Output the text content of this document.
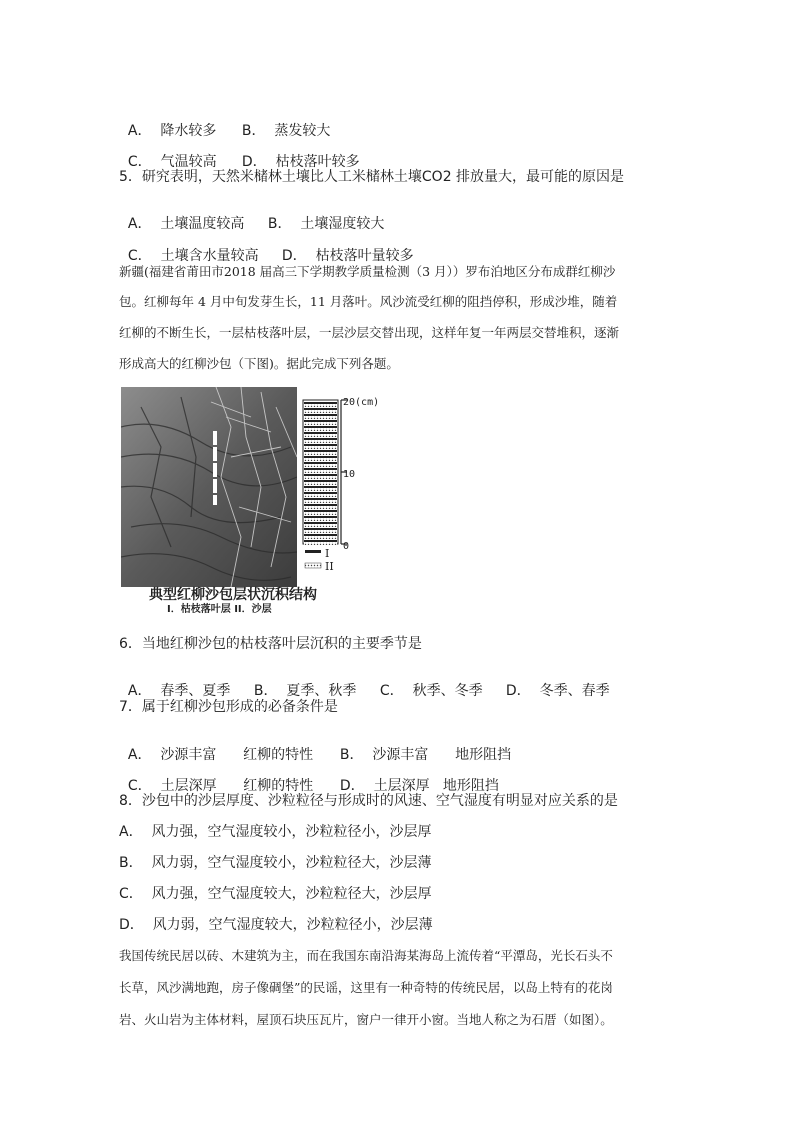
A．  降水较多 B．  蒸发较大

C．  气温较高 D．  枯枝落叶较多

5．研究表明，天然米槠林土壤比人工米槠林土壤CO2 排放量大，最可能的原因是

A．  土壤温度较高 B．  土壤湿度较大

C．  土壤含水量较高 D．  枯枝落叶量较多

新疆(福建省莆田市2018 届高三下学期教学质量检测（3 月））罗布泊地区分布成群红柳沙
包。红柳每年 4 月中旬发芽生长，11 月落叶。风沙流受红柳的阻挡停积，形成沙堆，随着
红柳的不断生长，一层枯枝落叶层，一层沙层交替出现，这样年复一年两层交替堆积，逐渐
形成高大的红柳沙包（下图)。据此完成下列各题。
20(cm)
10
0
I
II
典型红柳沙包层状沉积结构
I．枯枝落叶层 II．沙层
6．当地红柳沙包的枯枝落叶层沉积的主要季节是

A．  春季、夏季 B．  夏季、秋季 C．  秋季、冬季 D．  冬季、春季

7．属于红柳沙包形成的必备条件是

A．  沙源丰富      红柳的特性 B．  沙源丰富      地形阻挡

C．  土层深厚      红柳的特性 D．  土层深厚   地形阻挡

8．沙包中的沙层厚度、沙粒粒径与形成时的风速、空气湿度有明显对应关系的是
A．  风力强，空气湿度较小，沙粒粒径小，沙层厚
B．  风力弱，空气湿度较小，沙粒粒径大，沙层薄
C．  风力强，空气湿度较大，沙粒粒径大，沙层厚
D．  风力弱，空气湿度较大，沙粒粒径小，沙层薄
我国传统民居以砖、木建筑为主，而在我国东南沿海某海岛上流传着“平潭岛，光长石头不
长草，风沙满地跑，房子像碉堡”的民谣，这里有一种奇特的传统民居，以岛上特有的花岗
岩、火山岩为主体材料，屋顶石块压瓦片，窗户一律开小窗。当地人称之为石厝（如图）。
